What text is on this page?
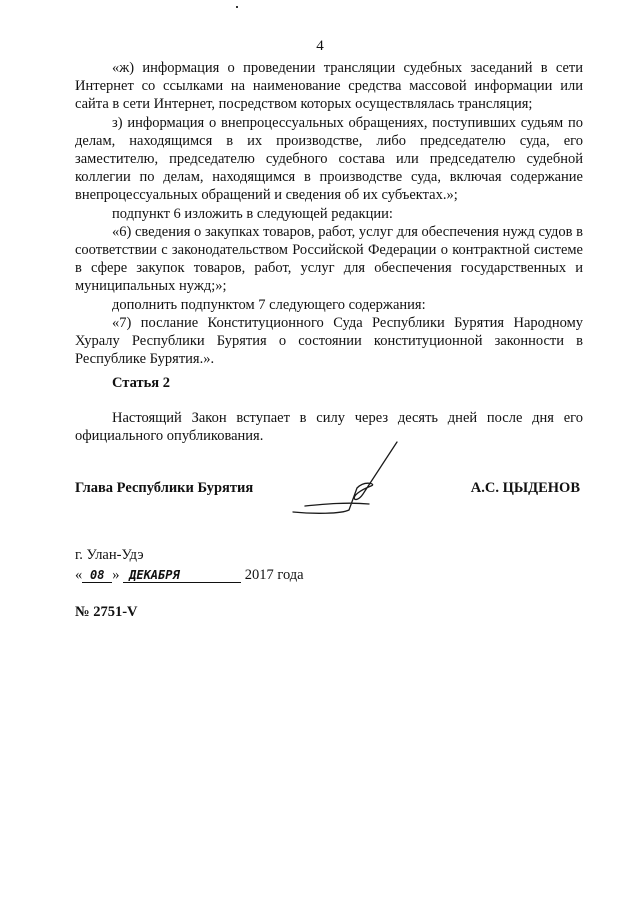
4

«ж) информация о проведении трансляции судебных заседаний в сети Интернет со ссылками на наименование средства массовой информации или сайта в сети Интернет, посредством которых осуществлялась трансляция;

з) информация о внепроцессуальных обращениях, поступивших судьям по делам, находящимся в их производстве, либо председателю суда, его заместителю, председателю судебного состава или председателю судебной коллегии по делам, находящимся в производстве суда, включая содержание внепроцессуальных обращений и сведения об их субъектах.»;

подпункт 6 изложить в следующей редакции:

«6) сведения о закупках товаров, работ, услуг для обеспечения нужд судов в соответствии с законодательством Российской Федерации о контрактной системе в сфере закупок товаров, работ, услуг для обеспечения государственных и муниципальных нужд;»;

дополнить подпунктом 7 следующего содержания:

«7) послание Конституционного Суда Республики Бурятия Народному Хуралу Республики Бурятия о состоянии конституционной законности в Республике Бурятия.».

Статья 2

Настоящий Закон вступает в силу через десять дней после дня его официального опубликования.

Глава Республики Бурятия	А.С. ЦЫДЕНОВ
г. Улан-Удэ
« 08 » ДЕКАБРЯ	2017 года
№ 2751-V
